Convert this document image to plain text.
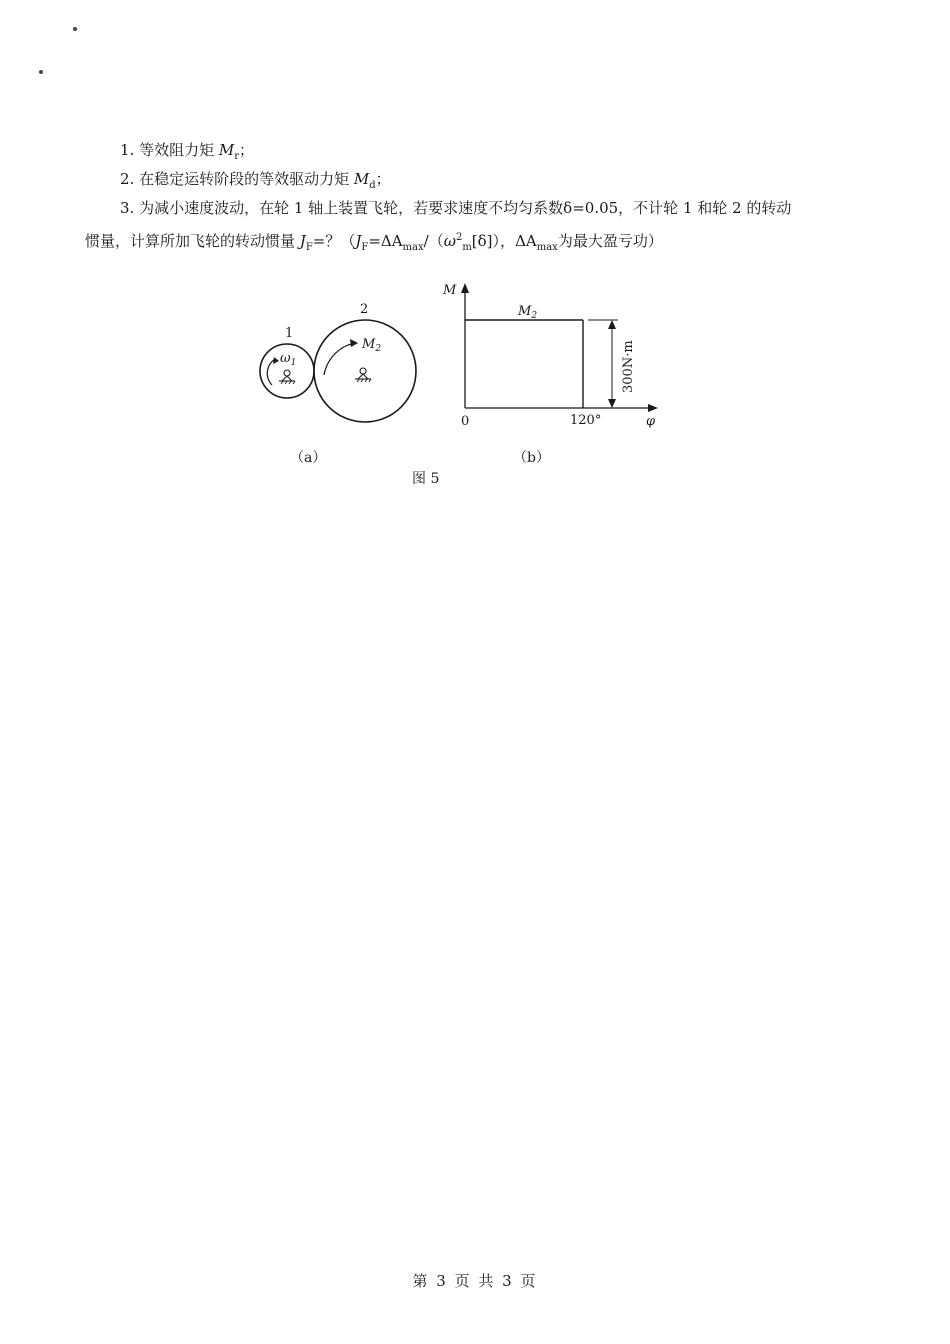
1. 等效阻力矩 $M_r$；
2. 在稳定运转阶段的等效驱动力矩 $M_d$；
3. 为减小速度波动，在轮 1 轴上装置飞轮，若要求速度不均匀系数δ=0.05，不计轮 1 和轮 2 的转动
惯量，计算所加飞轮的转动惯量 $J_F=$？（$J_F=\Delta A_{max}/(\omega^2_m[\delta])$，$\Delta A_{max}$为最大盈亏功）
1
$\omega_1$
2
$M_2$
M
φ
0	120°
$M_2$
300N·m
（a）	（b）
图 5
第 3 页 共 3 页
